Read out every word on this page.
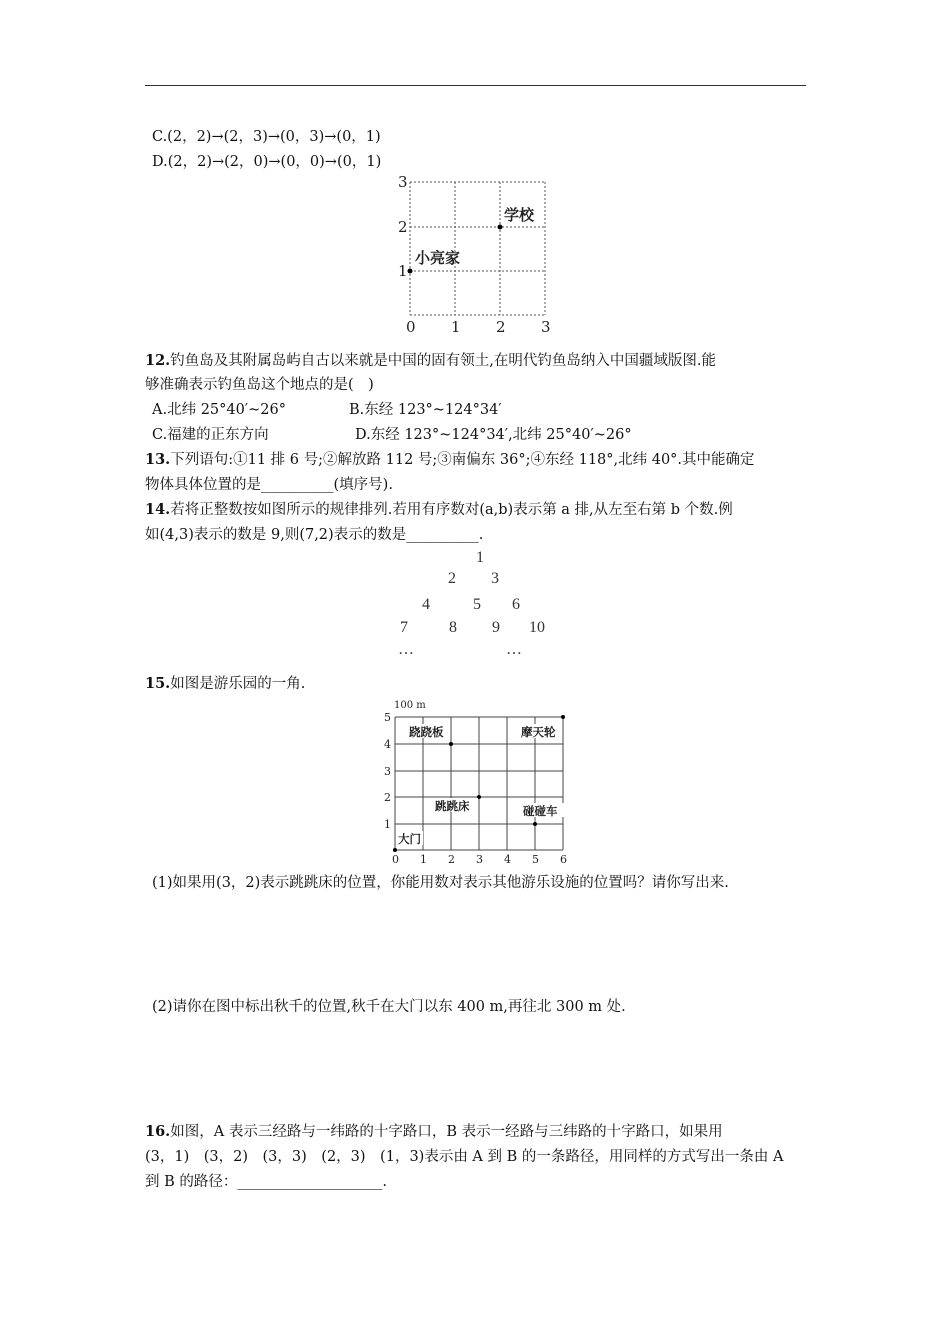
C.(2，2)→(2，3)→(0，3)→(0，1)
D.(2，2)→(2，0)→(0，0)→(0，1)
3
2
1
0 1 2 3
学校
小亮家
12.钓鱼岛及其附属岛屿自古以来就是中国的固有领土,在明代钓鱼岛纳入中国疆域版图.能
够准确表示钓鱼岛这个地点的是(　)
A.北纬 25°40′~26°	B.东经 123°~124°34′
C.福建的正东方向	D.东经 123°~124°34′,北纬 25°40′~26°
13.下列语句:①11 排 6 号;②解放路 112 号;③南偏东 36°;④东经 118°,北纬 40°.其中能确定
物体具体位置的是__________(填序号).
14.若将正整数按如图所示的规律排列.若用有序数对(a,b)表示第 a 排,从左至右第 b 个数.例
如(4,3)表示的数是 9,则(7,2)表示的数是__________.
1
2 3
4	5 6
7	8 9 10
…	…
15.如图是游乐园的一角.
100 m
5
4
3
2
1
0 1 2 3 4 5 6
跷跷板	摩天轮
跳跳床	碰碰车
大门
(1)如果用(3，2)表示跳跳床的位置，你能用数对表示其他游乐设施的位置吗？请你写出来.
(2)请你在图中标出秋千的位置,秋千在大门以东 400 m,再往北 300 m 处.
16.如图，A 表示三经路与一纬路的十字路口，B 表示一经路与三纬路的十字路口，如果用
(3，1)　(3，2)　(3，3)　(2，3)　(1，3)表示由 A 到 B 的一条路径，用同样的方式写出一条由 A
到 B 的路径：____________________.
